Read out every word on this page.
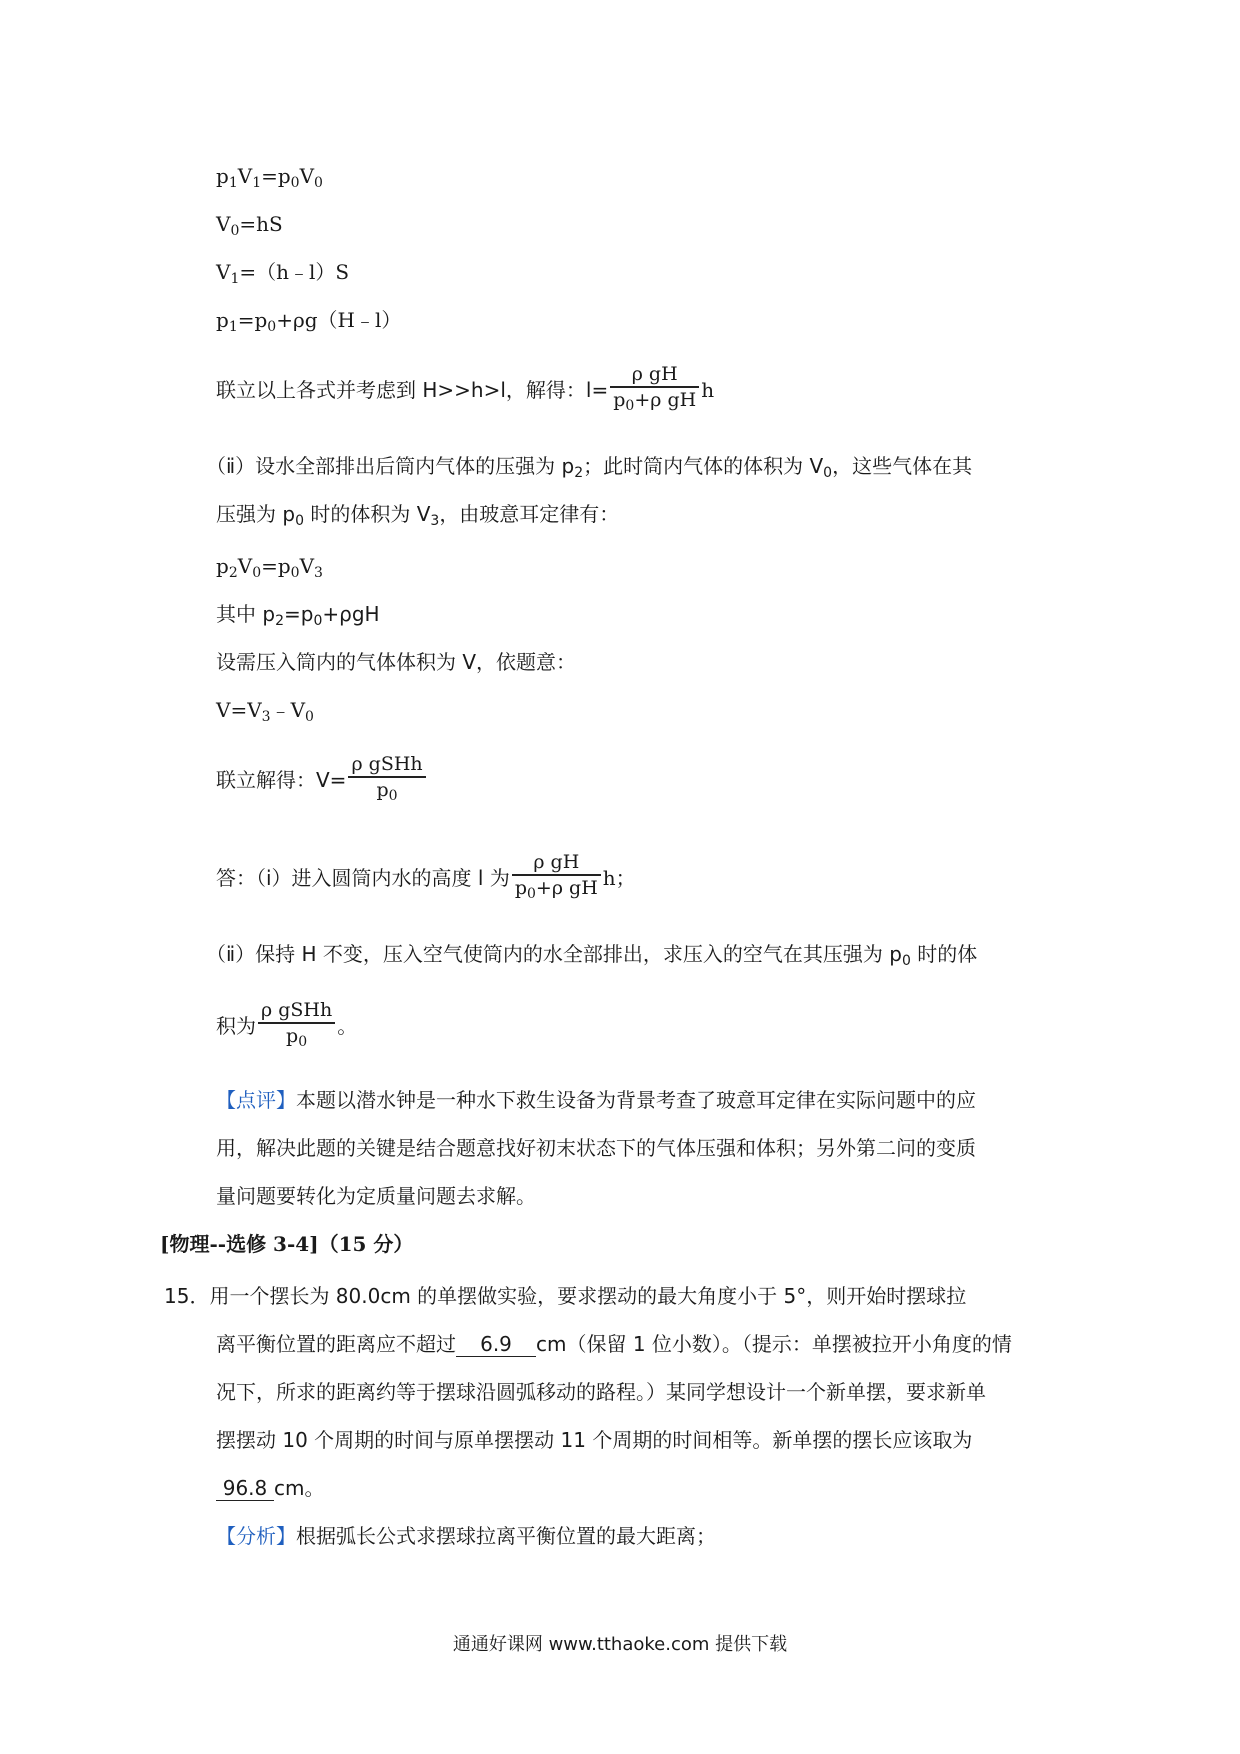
$p_1V_1=p_0V_0$
$V_0=hS$
$V_1=(h﹣l)S$
$p_1=p_0+\rho g(H﹣l)$
联立以上各式并考虑到 H>>h>l，解得：$l= \frac{\text{ρ gH}}{p_0+\rho gH}$ h
（ⅱ）设水全部排出后筒内气体的压强为 $p_2$；此时筒内气体的体积为 $V_0$，这些气体在其
压强为 $p_0$ 时的体积为 $V_3$，由玻意耳定律有：
$p_2V_0=p_0V_3$
其中 $p_2=p_0+\rho gH$
设需压入筒内的气体体积为 V，依题意：
$V=V_3﹣V_0$
联立解得：$V= \frac{\text{ρ gSHh}}{p_0}$
答：（ⅰ）进入圆筒内水的高度 l 为 $\frac{\text{ρ gH}}{p_0+\rho gH}$ h；
（ⅱ）保持 H 不变，压入空气使筒内的水全部排出，求压入的空气在其压强为 $p_0$ 时的体
积为 $\frac{\text{ρ gSHh}}{p_0}$ 。
【点评】本题以潜水钟是一种水下救生设备为背景考查了玻意耳定律在实际问题中的应
用，解决此题的关键是结合题意找好初末状态下的气体压强和体积；另外第二问的变质
量问题要转化为定质量问题去求解。
[物理--选修 3-4]（15 分）
15．用一个摆长为 80.0cm 的单摆做实验，要求摆动的最大角度小于 5°，则开始时摆球拉
离平衡位置的距离应不超过 6.9 cm（保留 1 位小数）。（提示：单摆被拉开小角度的情
况下，所求的距离约等于摆球沿圆弧移动的路程。）某同学想设计一个新单摆，要求新单
摆摆动 10 个周期的时间与原单摆摆动 11 个周期的时间相等。新单摆的摆长应该取为
96.8 cm。
【分析】根据弧长公式求摆球拉离平衡位置的最大距离；
通通好课网 www.tthaoke.com 提供下载
